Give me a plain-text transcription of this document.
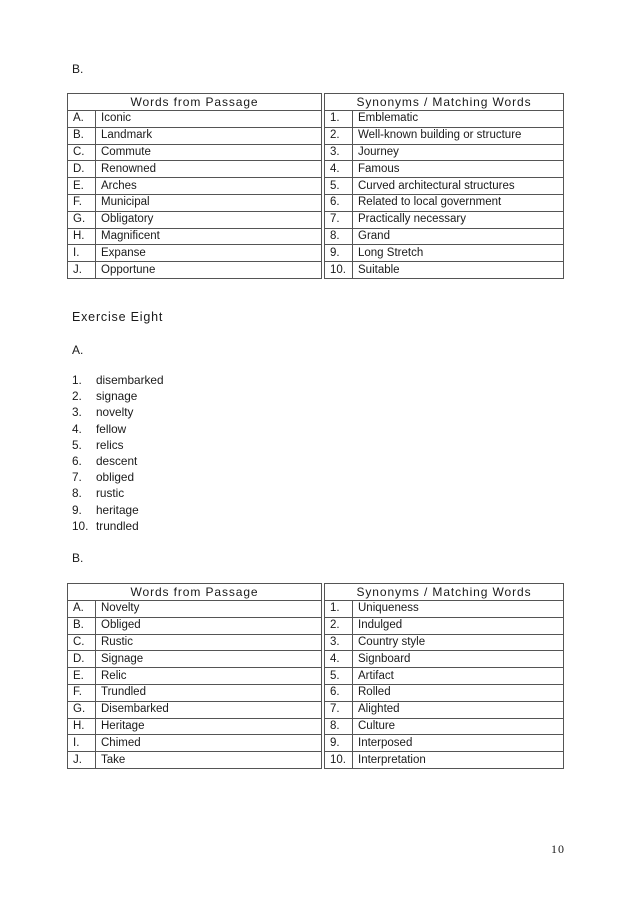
B.
Words from Passage			Synonyms / Matching Words	
A.	Iconic		1.	Emblematic
B.	Landmark		2.	Well-known building or structure
C.	Commute		3.	Journey
D.	Renowned		4.	Famous
E.	Arches		5.	Curved architectural structures
F.	Municipal		6.	Related to local government
G.	Obligatory		7.	Practically necessary
H.	Magnificent		8.	Grand
I.	Expanse		9.	Long Stretch
J.	Opportune		10.	Suitable
Exercise Eight
A.
1. disembarked
2. signage
3. novelty
4. fellow
5. relics
6. descent
7. obliged
8. rustic
9. heritage
10. trundled
B.
Words from Passage			Synonyms / Matching Words	
A.	Novelty		1.	Uniqueness
B.	Obliged		2.	Indulged
C.	Rustic		3.	Country style
D.	Signage		4.	Signboard
E.	Relic		5.	Artifact
F.	Trundled		6.	Rolled
G.	Disembarked		7.	Alighted
H.	Heritage		8.	Culture
I.	Chimed		9.	Interposed
J.	Take		10.	Interpretation
10
